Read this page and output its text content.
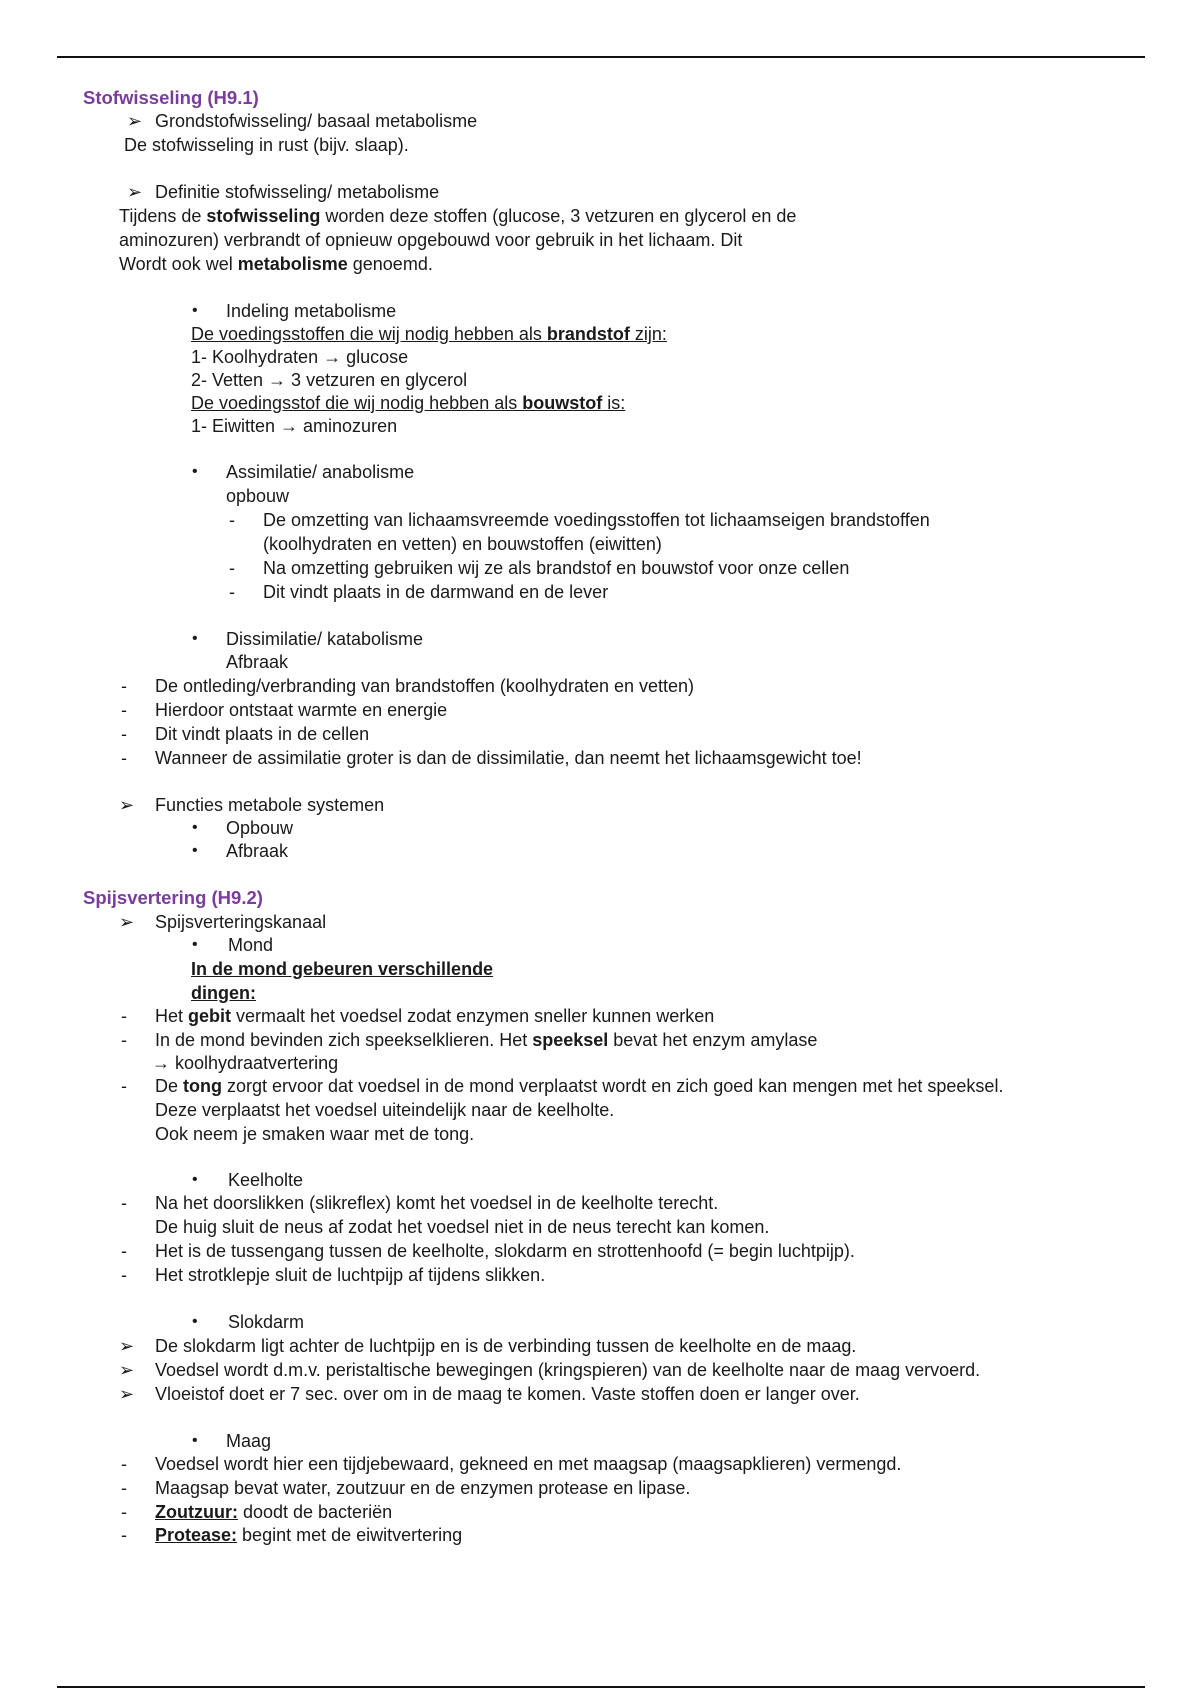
Stofwisseling (H9.1)
➢ Grondstofwisseling/ basaal metabolisme
De stofwisseling in rust (bijv. slaap).
➢ Definitie stofwisseling/ metabolisme
Tijdens de stofwisseling worden deze stoffen (glucose, 3 vetzuren en glycerol en de
aminozuren) verbrandt of opnieuw opgebouwd voor gebruik in het lichaam. Dit
Wordt ook wel metabolisme genoemd.
• Indeling metabolisme
De voedingsstoffen die wij nodig hebben als brandstof zijn:
1- Koolhydraten → glucose
2- Vetten → 3 vetzuren en glycerol
De voedingsstof die wij nodig hebben als bouwstof is:
1- Eiwitten → aminozuren
• Assimilatie/ anabolisme
opbouw
- De omzetting van lichaamsvreemde voedingsstoffen tot lichaamseigen brandstoffen
(koolhydraten en vetten) en bouwstoffen (eiwitten)
- Na omzetting gebruiken wij ze als brandstof en bouwstof voor onze cellen
- Dit vindt plaats in de darmwand en de lever
• Dissimilatie/ katabolisme
Afbraak
- De ontleding/verbranding van brandstoffen (koolhydraten en vetten)
- Hierdoor ontstaat warmte en energie
- Dit vindt plaats in de cellen
- Wanneer de assimilatie groter is dan de dissimilatie, dan neemt het lichaamsgewicht toe!
➢ Functies metabole systemen
• Opbouw
• Afbraak
Spijsvertering (H9.2)
➢ Spijsverteringskanaal
• Mond
In de mond gebeuren verschillende
dingen:
- Het gebit vermaalt het voedsel zodat enzymen sneller kunnen werken
- In de mond bevinden zich speekselklieren. Het speeksel bevat het enzym amylase
→ koolhydraatvertering
- De tong zorgt ervoor dat voedsel in de mond verplaatst wordt en zich goed kan mengen met het speeksel.
Deze verplaatst het voedsel uiteindelijk naar de keelholte.
Ook neem je smaken waar met de tong.
• Keelholte
- Na het doorslikken (slikreflex) komt het voedsel in de keelholte terecht.
De huig sluit de neus af zodat het voedsel niet in de neus terecht kan komen.
- Het is de tussengang tussen de keelholte, slokdarm en strottenhoofd (= begin luchtpijp).
- Het strotklepje sluit de luchtpijp af tijdens slikken.
• Slokdarm
➢ De slokdarm ligt achter de luchtpijp en is de verbinding tussen de keelholte en de maag.
➢ Voedsel wordt d.m.v. peristaltische bewegingen (kringspieren) van de keelholte naar de maag vervoerd.
➢ Vloeistof doet er 7 sec. over om in de maag te komen. Vaste stoffen doen er langer over.
• Maag
- Voedsel wordt hier een tijdjebewaard, gekneed en met maagsap (maagsapklieren) vermengd.
- Maagsap bevat water, zoutzuur en de enzymen protease en lipase.
- Zoutzuur: doodt de bacteriën
- Protease: begint met de eiwitvertering
